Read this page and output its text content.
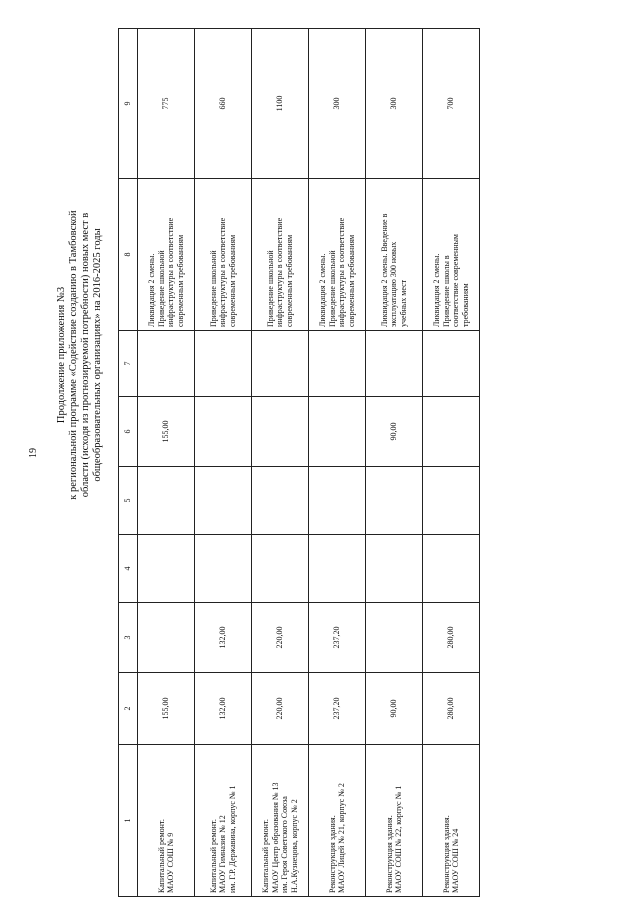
19
Продолжение приложения №3 к региональной программе «Содействие созданию в Тамбовской области (исходя из прогнозируемой потребности) новых мест в общеобразовательных организациях» на 2016-2025 годы
1	2	3	4	5	6	7	8	9
Капитальный ремонт.
МАОУ СОШ № 9	155,00				155,00		Ликвидация 2 смены.
Приведение школьной
инфраструктуры в соответствие
современным требованиям	775
Капитальный ремонт.
МАОУ Гимназия № 12
им. Г.Р. Державина, корпус № 1	132,00	132,00					Приведение школьной
инфраструктуры в соответствие
современным требованиям	660
Капитальный ремонт.
МАОУ Центр образования № 13
им. Героя Советского Союза
Н.А.Кузнецова, корпус № 2	220,00	220,00					Приведение школьной
инфраструктуры в соответствие
современным требованиям	1100
Реконструкция здания.
МАОУ Лицей № 21, корпус № 2	237,20	237,20					Ликвидация 2 смены.
Приведение школьной
инфраструктуры в соответствие
современным требованиям	300
Реконструкция здания.
МАОУ СОШ № 22, корпус № 1	90,00				90,00		Ликвидация 2 смены. Введение в
эксплуатацию 300 новых
учебных мест	300
Реконструкция здания.
МАОУ СОШ № 24	280,00	280,00					Ликвидация 2 смены.
Приведение школы в
соответствие современным
требованиям	700
